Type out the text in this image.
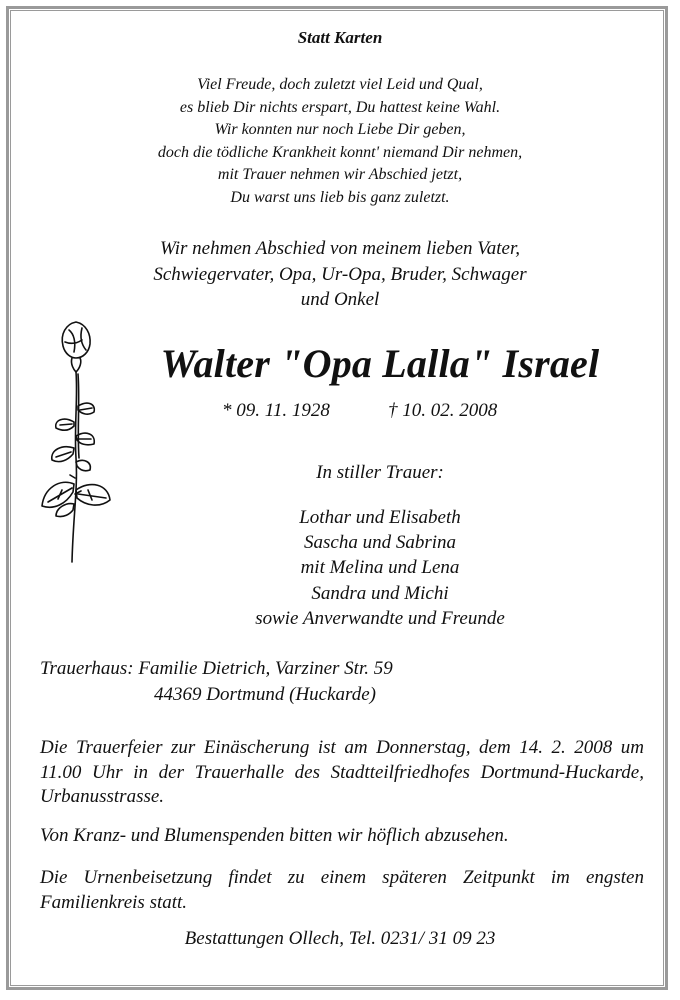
Statt Karten
Viel Freude, doch zuletzt viel Leid und Qual,
es blieb Dir nichts erspart, Du hattest keine Wahl.
Wir konnten nur noch Liebe Dir geben,
doch die tödliche Krankheit konnt' niemand Dir nehmen,
mit Trauer nehmen wir Abschied jetzt,
Du warst uns lieb bis ganz zuletzt.
Wir nehmen Abschied von meinem lieben Vater,
Schwiegervater, Opa, Ur-Opa, Bruder, Schwager
und Onkel
Walter "Opa Lalla" Israel
* 09. 11. 1928	† 10. 02. 2008
In stiller Trauer:
Lothar und Elisabeth
Sascha und Sabrina
mit Melina und Lena
Sandra und Michi
sowie Anverwandte und Freunde
Trauerhaus: Familie Dietrich, Varziner Str. 59
44369 Dortmund (Huckarde)
Die Trauerfeier zur Einäscherung ist am Donnerstag, dem 14. 2. 2008 um 11.00 Uhr in der Trauerhalle des Stadtteilfriedhofes Dortmund-Huckarde, Urbanusstrasse.
Von Kranz- und Blumenspenden bitten wir höflich abzusehen.
Die Urnenbeisetzung findet zu einem späteren Zeitpunkt im engsten Familienkreis statt.
Bestattungen Ollech, Tel. 0231/ 31 09 23
